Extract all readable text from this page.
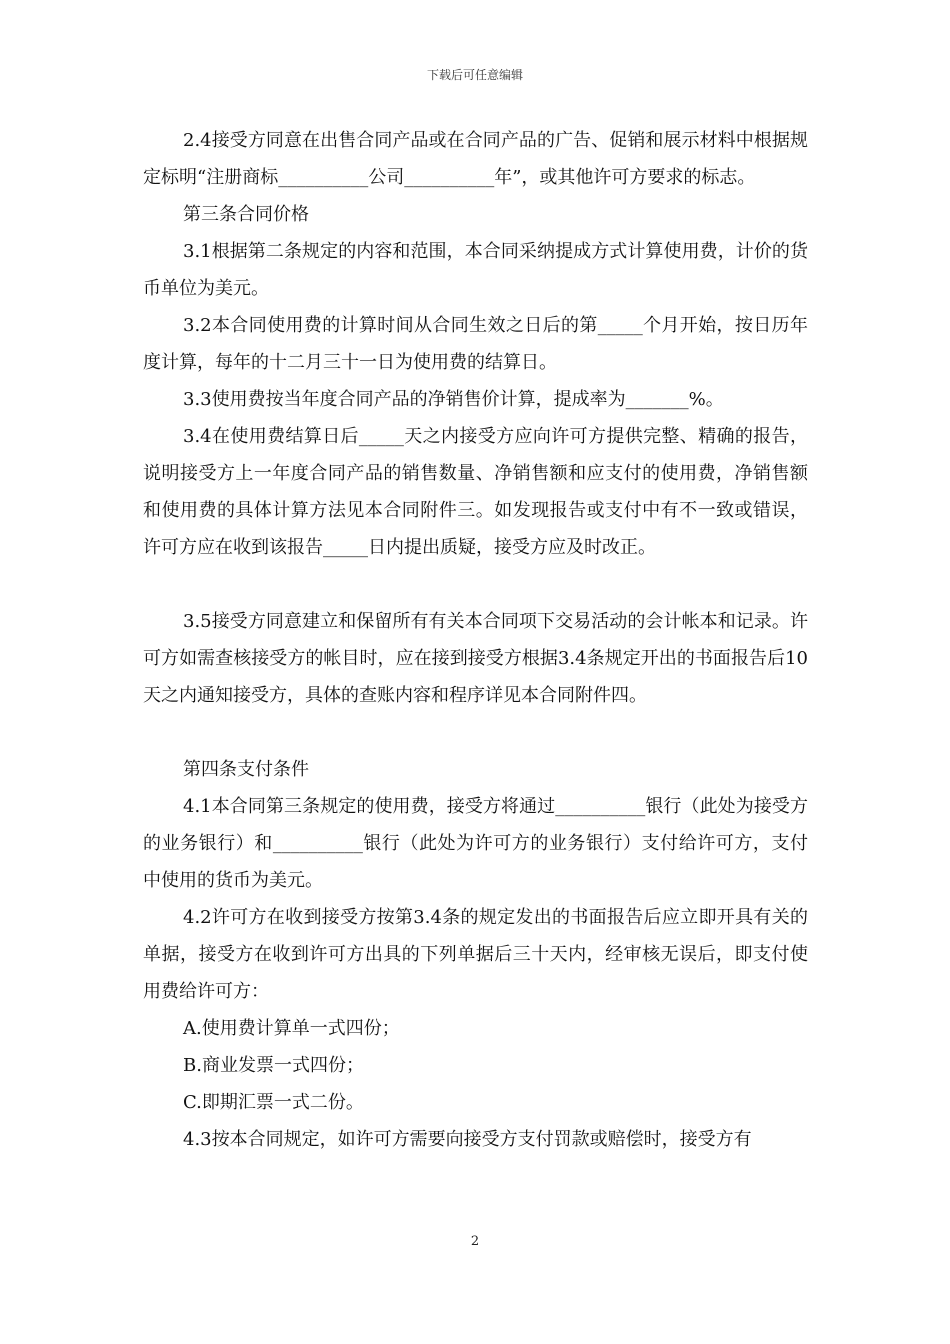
下载后可任意编辑

2.4接受方同意在出售合同产品或在合同产品的广告、促销和展示材料中根据规定标明“注册商标__________公司__________年”，或其他许可方要求的标志。

第三条合同价格

3.1根据第二条规定的内容和范围，本合同采纳提成方式计算使用费，计价的货币单位为美元。

3.2本合同使用费的计算时间从合同生效之日后的第_____个月开始，按日历年度计算，每年的十二月三十一日为使用费的结算日。

3.3使用费按当年度合同产品的净销售价计算，提成率为_______%。

3.4在使用费结算日后_____天之内接受方应向许可方提供完整、精确的报告，说明接受方上一年度合同产品的销售数量、净销售额和应支付的使用费，净销售额和使用费的具体计算方法见本合同附件三。如发现报告或支付中有不一致或错误，许可方应在收到该报告_____日内提出质疑，接受方应及时改正。

3.5接受方同意建立和保留所有有关本合同项下交易活动的会计帐本和记录。许可方如需查核接受方的帐目时，应在接到接受方根据3.4条规定开出的书面报告后10天之内通知接受方，具体的查账内容和程序详见本合同附件四。

第四条支付条件

4.1本合同第三条规定的使用费，接受方将通过__________银行（此处为接受方的业务银行）和__________银行（此处为许可方的业务银行）支付给许可方，支付中使用的货币为美元。

4.2许可方在收到接受方按第3.4条的规定发出的书面报告后应立即开具有关的单据，接受方在收到许可方出具的下列单据后三十天内，经审核无误后，即支付使用费给许可方：

A.使用费计算单一式四份；

B.商业发票一式四份；

C.即期汇票一式二份。

4.3按本合同规定，如许可方需要向接受方支付罚款或赔偿时，接受方有

2
